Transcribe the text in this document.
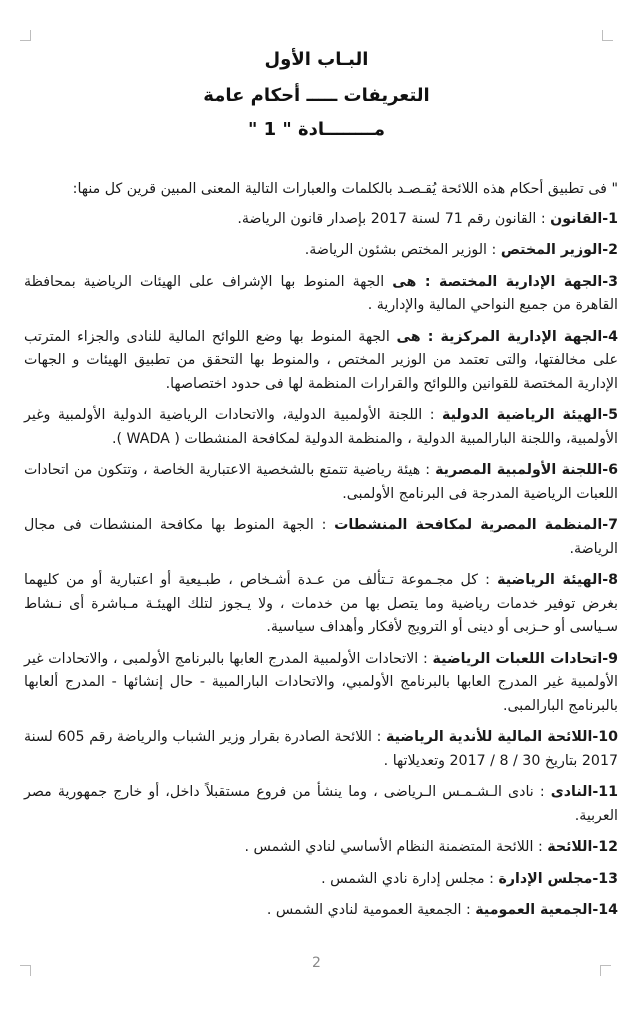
البـاب الأول
التعريفات ـــــ أحكام عامة
مــــــــادة " 1 "

" فى تطبيق أحكام هذه اللائحة يُقـصـد بالكلمات والعبارات التالية المعنى المبين قرين كل منها:

1-القانون : القانون رقم 71 لسنة 2017 بإصدار قانون الرياضة.

2-الوزير المختص : الوزير المختص بشئون الرياضة.

3-الجهة الإدارية المختصة : هى الجهة المنوط بها الإشراف على الهيئات الرياضية بمحافظة القاهرة من جميع النواحي المالية والإدارية .

4-الجهة الإدارية المركزية : هى الجهة المنوط بها وضع اللوائح المالية للنادى والجزاء المترتب على مخالفتها، والتى تعتمد من الوزير المختص ، والمنوط بها التحقق من تطبيق الهيئات و الجهات الإدارية المختصة للقوانين واللوائح والقرارات المنظمة لها فى حدود اختصاصها.

5-الهيئة الرياضية الدولية : اللجنة الأولمبية الدولية، والاتحادات الرياضية الدولية الأولمبية وغير الأولمبية، واللجنة البارالمبية الدولية ، والمنظمة الدولية لمكافحة المنشطات ( WADA ).

6-اللجنة الأولمبية المصرية : هيئة رياضية تتمتع بالشخصية الاعتبارية الخاصة ، وتتكون من اتحادات اللعبات الرياضية المدرجة فى البرنامج الأولمبى.

7-المنظمة المصرية لمكافحة المنشطات : الجهة المنوط بها مكافحة المنشطات فى مجال الرياضة.

8-الهيئة الرياضية : كل مجـموعة تـتألف من عـدة أشـخاص ، طبـيعية أو اعتبارية أو من كليهما بغرض توفير خدمات رياضية وما يتصل بها من خدمات ، ولا يـجوز لتلك الهيئـة مـباشرة أى نـشاط سـياسى أو حـزبى أو دينى أو الترويج لأفكار وأهداف سياسية.

9-اتحادات اللعبات الرياضية : الاتحادات الأولمبية المدرج العابها بالبرنامج الأولمبى ، والاتحادات غير الأولمبية غير المدرج العابها بالبرنامج الأولمبي، والاتحادات البارالمبية - حال إنشائها - المدرج ألعابها بالبرنامج البارالمبى.

10-اللائحة المالية للأندية الرياضية : اللائحة الصادرة بقرار وزير الشباب والرياضة رقم 605 لسنة 2017 بتاريخ 30 / 8 / 2017 وتعديلاتها .

11-النادى : نادى الـشـمـس الـرياضى ، وما ينشأ من فروع مستقبلاً داخل، أو خارج جمهورية مصر العربية.

12-اللائحة : اللائحة المتضمنة النظام الأساسي لنادي الشمس .

13-مجلس الإدارة : مجلس إدارة نادي الشمس .

14-الجمعية العمومية : الجمعية العمومية لنادي الشمس .

2
